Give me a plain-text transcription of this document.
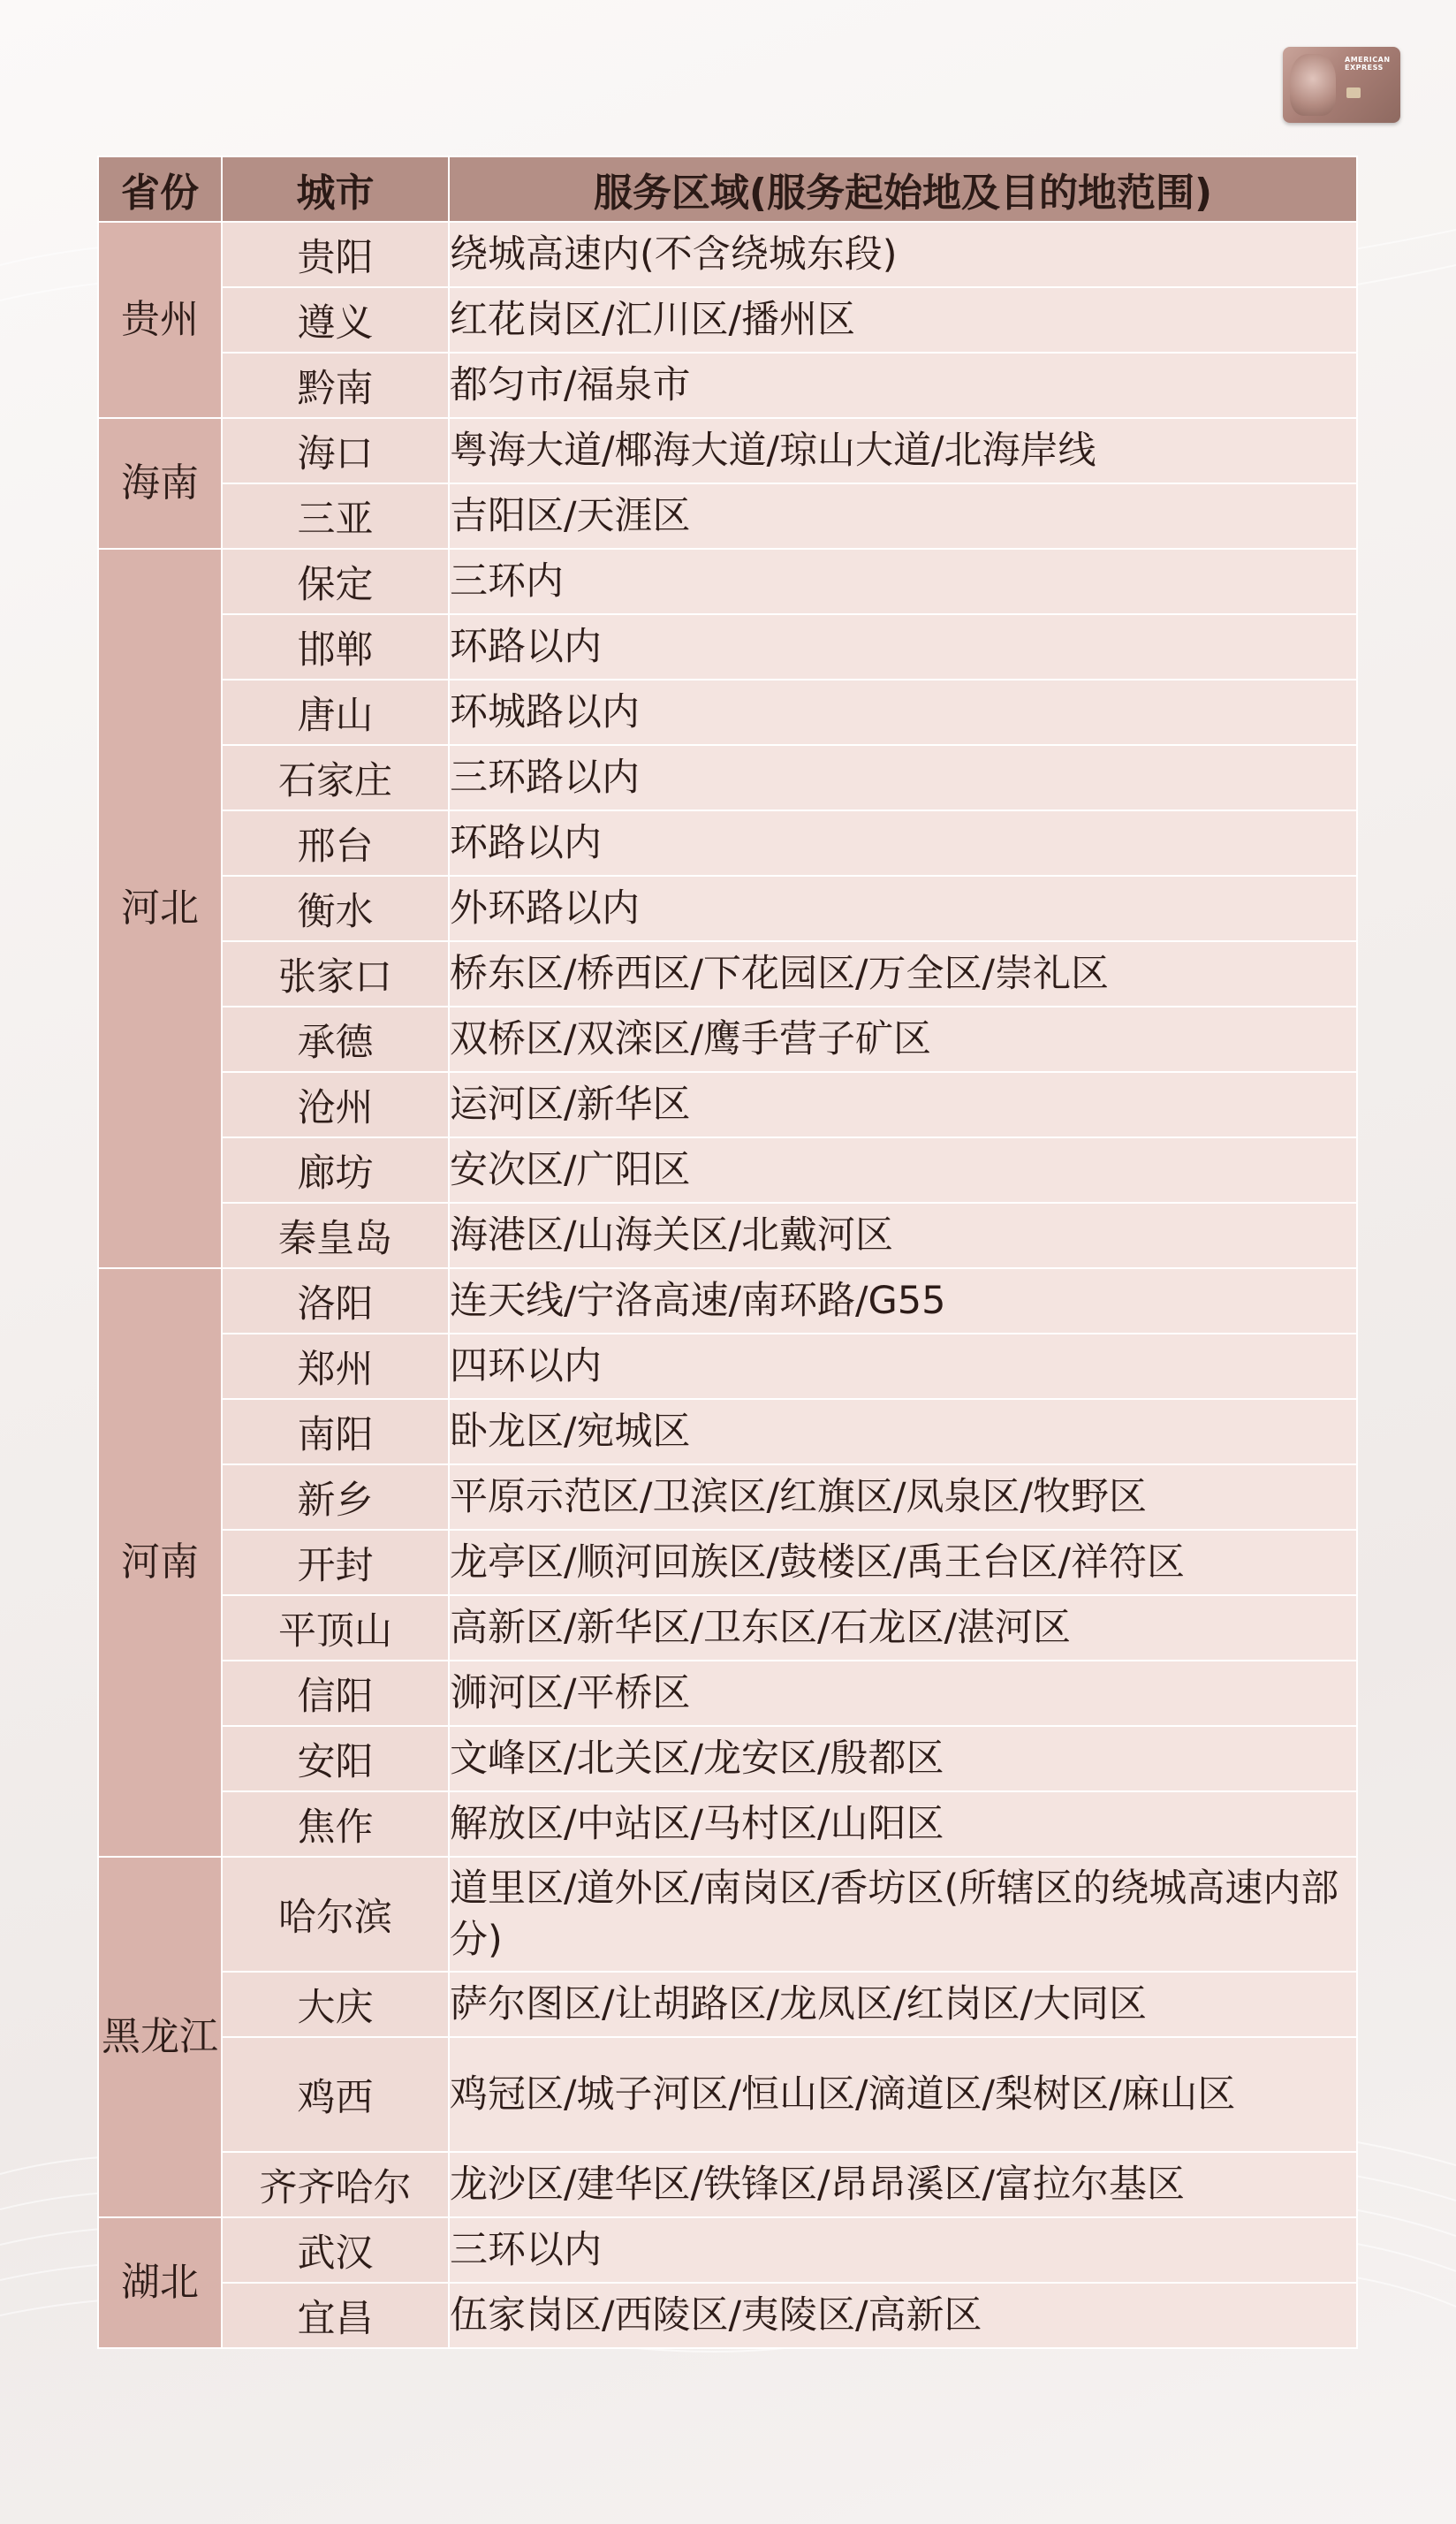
AMERICAN EXPRESS
省份	城市	服务区域(服务起始地及目的地范围)
贵州	贵阳	绕城高速内(不含绕城东段)
	遵义	红花岗区/汇川区/播州区
	黔南	都匀市/福泉市
海南	海口	粤海大道/椰海大道/琼山大道/北海岸线
	三亚	吉阳区/天涯区
河北	保定	三环内
	邯郸	环路以内
	唐山	环城路以内
	石家庄	三环路以内
	邢台	环路以内
	衡水	外环路以内
	张家口	桥东区/桥西区/下花园区/万全区/崇礼区
	承德	双桥区/双滦区/鹰手营子矿区
	沧州	运河区/新华区
	廊坊	安次区/广阳区
	秦皇岛	海港区/山海关区/北戴河区
河南	洛阳	连天线/宁洛高速/南环路/G55
	郑州	四环以内
	南阳	卧龙区/宛城区
	新乡	平原示范区/卫滨区/红旗区/凤泉区/牧野区
	开封	龙亭区/顺河回族区/鼓楼区/禹王台区/祥符区
	平顶山	高新区/新华区/卫东区/石龙区/湛河区
	信阳	浉河区/平桥区
	安阳	文峰区/北关区/龙安区/殷都区
	焦作	解放区/中站区/马村区/山阳区
黑龙江	哈尔滨	道里区/道外区/南岗区/香坊区(所辖区的绕城高速内部分)
	大庆	萨尔图区/让胡路区/龙凤区/红岗区/大同区
	鸡西	鸡冠区/城子河区/恒山区/滴道区/梨树区/麻山区
	齐齐哈尔	龙沙区/建华区/铁锋区/昂昂溪区/富拉尔基区
湖北	武汉	三环以内
	宜昌	伍家岗区/西陵区/夷陵区/高新区
